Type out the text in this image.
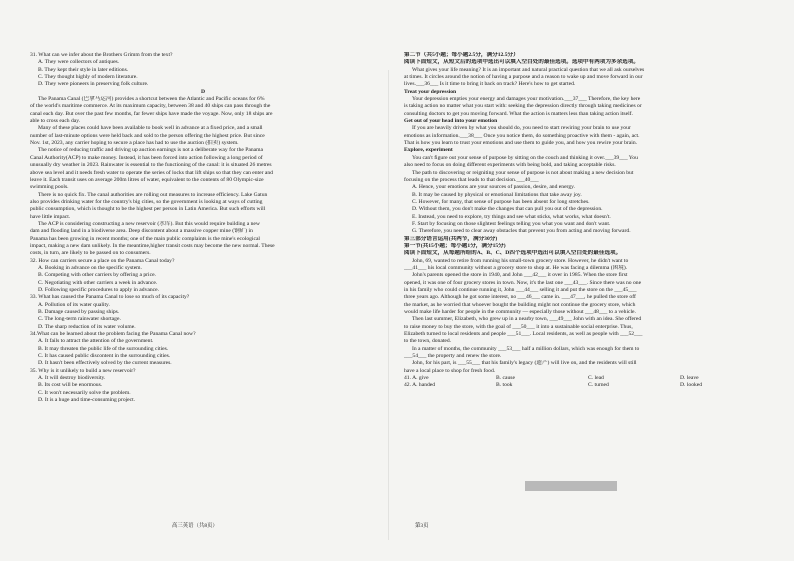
31. What can we infer about the Brothers Grimm from the text?
A. They were collectors of antiques.
B. They kept their style in later editions.
C. They thought highly of modern literature.
D. They were pioneers in preserving folk culture.
D
The Panama Canal (巴拿马运河) provides a shortcut between the Atlantic and Pacific oceans for 6%
of the world's maritime commerce. At its maximum capacity, between 38 and 40 ships can pass through the
canal each day. But over the past few months, far fewer ships have made the voyage. Now, only 18 ships are
able to cross each day.
Many of these places could have been available to book well in advance at a fixed price, and a small
number of last-minute options were held back and sold to the person offering the highest price. But since
Nov. 1st, 2023, any carrier hoping to secure a place has had to use the auction (拍卖) system.
The notice of reducing traffic and driving up auction earnings is not a deliberate way for the Panama
Canal Authority(ACP) to make money. Instead, it has been forced into action following a long period of
unusually dry weather in 2023. Rainwater is essential to the functioning of the canal: it is situated 26 metres
above sea level and it needs fresh water to operate the series of locks that lift ships so that they can enter and
leave it. Each transit uses on average 200m litres of water, equivalent to the contents of 80 Olympic-size
swimming pools.
There is no quick fix. The canal authorities are rolling out measures to increase efficiency. Lake Gatun
also provides drinking water for the country's big cities, so the government is looking at ways of cutting
public consumption, which is thought to be the highest per person in Latin America. But such efforts will
have little impact.
The ACP is considering constructing a new reservoir (水库). But this would require building a new
dam and flooding land in a biodiverse area. Deep discontent about a massive copper mine (铜矿) in
Panama has been growing in recent months; one of the main public complaints is the mine's ecological
impact, making a new dam unlikely. In the meantime,higher transit costs may become the new normal. These
costs, in turn, are likely to be passed on to consumers.
32. How can carriers secure a place on the Panama Canal today?
A. Booking in advance on the specific system.
B. Competing with other carriers by offering a price.
C. Negotiating with other carriers a week in advance.
D. Following specific procedures to apply in advance.
33. What has caused the Panama Canal to lose so much of its capacity?
A. Pollution of its water quality.
B. Damage caused by passing ships.
C. The long-term rainwater shortage.
D. The sharp reduction of its water volume.
34.What can be learned about the problem facing the Panama Canal now?
A. It fails to attract the attention of the government.
B. It may threaten the public life of the surrounding cities.
C. It has caused public discontent in the surrounding cities.
D. It hasn't been effectively solved by the current measures.
35. Why is it unlikely to build a new reservoir?
A. It will destroy biodiversity.
B. Its cost will be enormous.
C. It won't necessarily solve the problem.
D. It is a huge and time-consuming project.
第二节（共5小题；每小题2.5分，满分12.5分）
阅读下面短文，从短文后的选项中选出可以填入空白处的最佳选项。选项中有两项为多余选项。
What gives your life meaning? It is an important and natural practical question that we all ask ourselves
at times. It circles around the notion of having a purpose and a reason to wake up and move forward in our
lives.___36___ Is it time to bring it back on track? Here's how to get started.
Treat your depression
Your depression empties your energy and damages your motivation.___37___ Therefore, the key here
is taking action no matter what you start with: seeking the depression directly through taking medicines or
consulting doctors to get you moving forward. What the action is matters less than taking action itself.
Get out of your head into your emotion
If you are heavily driven by what you should do, you need to start rewiring your brain to use your
emotions as information.___38___ Once you notice them, do something proactive with them - again, act.
That is how you learn to trust your emotions and use them to guide you, and how you rewire your brain.
Explore, experiment
You can't figure out your sense of purpose by sitting on the couch and thinking it over.___39___ You
also need to focus on doing different experiments with being bold, and taking acceptable risks.
The path to discovering or reigniting your sense of purpose is not about making a new decision but
focusing on the process that leads to that decision.___40___
A. Hence, your emotions are your sources of passion, desire, and energy.
B. It may be caused by physical or emotional limitations that take away joy.
C. However, for many, that sense of purpose has been absent for long stretches.
D. Without them, you don't make the changes that can pull you out of the depression.
E. Instead, you need to explore, try things and see what sticks, what works, what doesn't.
F. Start by focusing on those slightest feelings telling you what you want and don't want.
G. Therefore, you need to clear away obstacles that prevent you from acting and moving forward.
第三部分语言运用(共两节，满分30分)
第一节(共15小题；每小题1分，满分15分)
阅读下面短文，从每题所给的A、B、C、D四个选项中选出可以填入空白处的最佳选项。
John, 69, wanted to retire from running his small-town grocery store. However, he didn't want to
___41___ his local community without a grocery store to shop at. He was facing a dilemma (困境).
John's parents opened the store in 1940, and John ___42___ it over in 1985. When the store first
opened, it was one of four grocery stores in town. Now, it's the last one ___43___. Since there was no one
in his family who could continue running it, John ___44___ selling it and put the store on the ___45___
three years ago. Although he got some interest, no ___46___ came in. ___47___, he pulled the store off
the market, as he worried that whoever bought the building might not continue the grocery store, which
would make life harder for people in the community — especially those without ___48___ to a vehicle.
Then last summer, Elizabeth, who grew up in a nearby town, ___49___ John with an idea. She offered
to raise money to buy the store, with the goal of ___50___ it into a sustainable social enterprise. Thus,
Elizabeth turned to local residents and people ___51___. Local residents, as well as people with ___52___
to the town, donated.
In a matter of months, the community ___53___ half a million dollars, which was enough for them to
___54___ the property and renew the store.
John, for his part, is ___55___ that his family's legacy (遗产) will live on, and the residents will still
have a local place to shop for fresh food.
41. A. give	B. cause	C. lead	D. leave
42. A. handed	B. took	C. turned	D. looked
高三英语（共8页）	第3页
